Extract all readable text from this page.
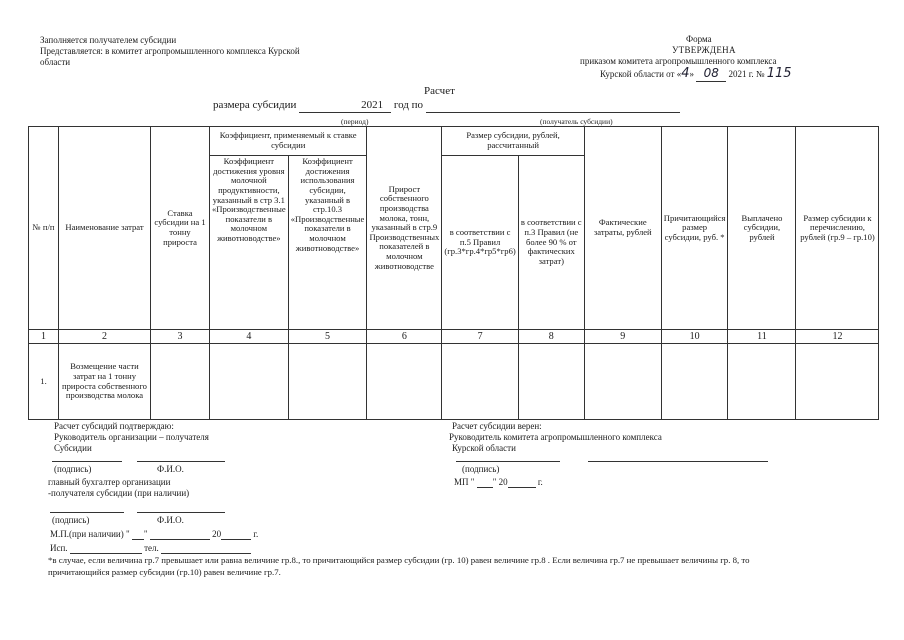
Заполняется получателем субсидии
Представляется: в комитет агропромышленного комплекса Курской
области
Форма
УТВЕРЖДЕНА
приказом комитета агропромышленного комплекса
Курской области от «4» 08 2021 г. № 115
Расчет
размера субсидии	2021 год по
(период)	(получатель субсидии)
№ п/п	Наименование затрат	Ставка субсидии на 1 тонну прироста	Коэффициент, применяемый к ставке субсидии		Прирост собственного производства молока, тонн, указанный в стр.9 Производственных показателей в молочном животноводстве	Размер субсидии, рублей, рассчитанный		Фактические затраты, рублей	Причитающийся размер субсидии, руб. *	Выплачено субсидии, рублей	Размер субсидии к перечислению, рублей (гр.9 – гр.10)
			Коэффициент достижения уровня молочной продуктивности, указанный в стр 3.1 «Производственные показатели в молочном животноводстве»	Коэффициент достижения использования субсидии, указанный в стр.10.3 «Производственные показатели в молочном животноводстве»		в соответствии с п.5 Правил (гр.3*гр.4*гр5*гр6)	в соответствии с п.3 Правил (не более 90 % от фактических затрат)				
1	2	3	4	5	6	7	8	9	10	11	12
1.	Возмещение части затрат на 1 тонну прироста собственного производства молока										
Расчет субсидий подтверждаю:
Руководитель организации – получателя
Субсидии
(подпись)	Ф.И.О.
главный бухгалтер организации
-получателя субсидии (при наличии)
(подпись)	Ф.И.О.
М.П.(при наличии) " "	20	г.
Исп.	тел.
Расчет субсидии верен:
Руководитель комитета агропромышленного комплекса
Курской области
(подпись)
МП " " 20	г.
*в случае, если величина гр.7 превышает или равна величине гр.8., то причитающийся размер субсидии (гр. 10) равен величине гр.8 . Если величина гр.7 не превышает величины гр. 8, то
причитающийся размер субсидии (гр.10) равен величине гр.7.
